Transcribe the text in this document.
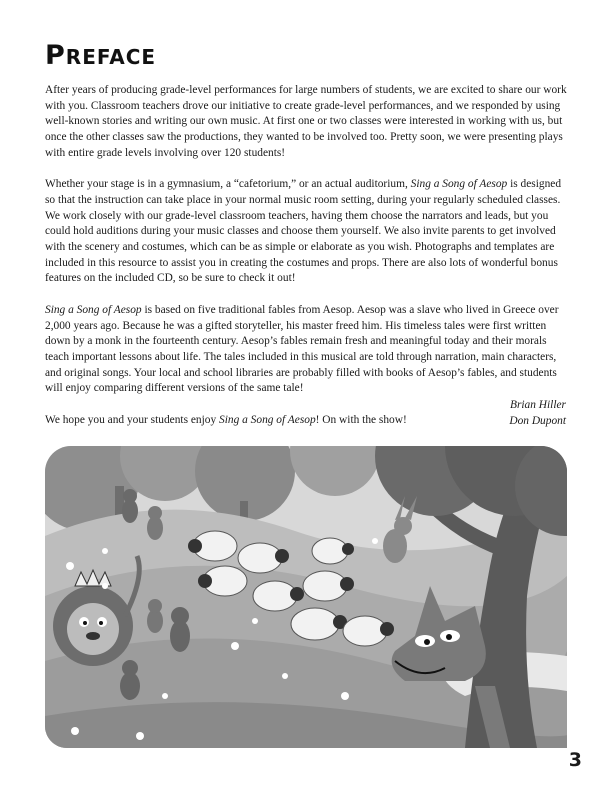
PREFACE

After years of producing grade-level performances for large numbers of students, we are excited to share our work with you. Classroom teachers drove our initiative to create grade-level performances, and we responded by using well-known stories and writing our own music. At first one or two classes were interested in working with us, but once the other classes saw the productions, they wanted to be involved too. Pretty soon, we were presenting plays with entire grade levels involving over 120 students!

Whether your stage is in a gymnasium, a “cafetorium,” or an actual auditorium, Sing a Song of Aesop is designed so that the instruction can take place in your normal music room setting, during your regularly scheduled classes. We work closely with our grade-level classroom teachers, having them choose the narrators and leads, but you could hold auditions during your music classes and choose them yourself. We also invite parents to get involved with the scenery and costumes, which can be as simple or elaborate as you wish. Photographs and templates are included in this resource to assist you in creating the costumes and props. There are also lots of wonderful bonus features on the included CD, so be sure to check it out!

Sing a Song of Aesop is based on five traditional fables from Aesop. Aesop was a slave who lived in Greece over 2,000 years ago. Because he was a gifted storyteller, his master freed him. His timeless tales were first written down by a monk in the fourteenth century. Aesop’s fables remain fresh and meaningful today and their morals teach important lessons about life. The tales included in this musical are told through narration, main characters, and original songs. Your local and school libraries are probably filled with books of Aesop’s fables, and students will enjoy comparing different versions of the same tale!

We hope you and your students enjoy Sing a Song of Aesop! On with the show!

Brian Hiller
Don Dupont
3
